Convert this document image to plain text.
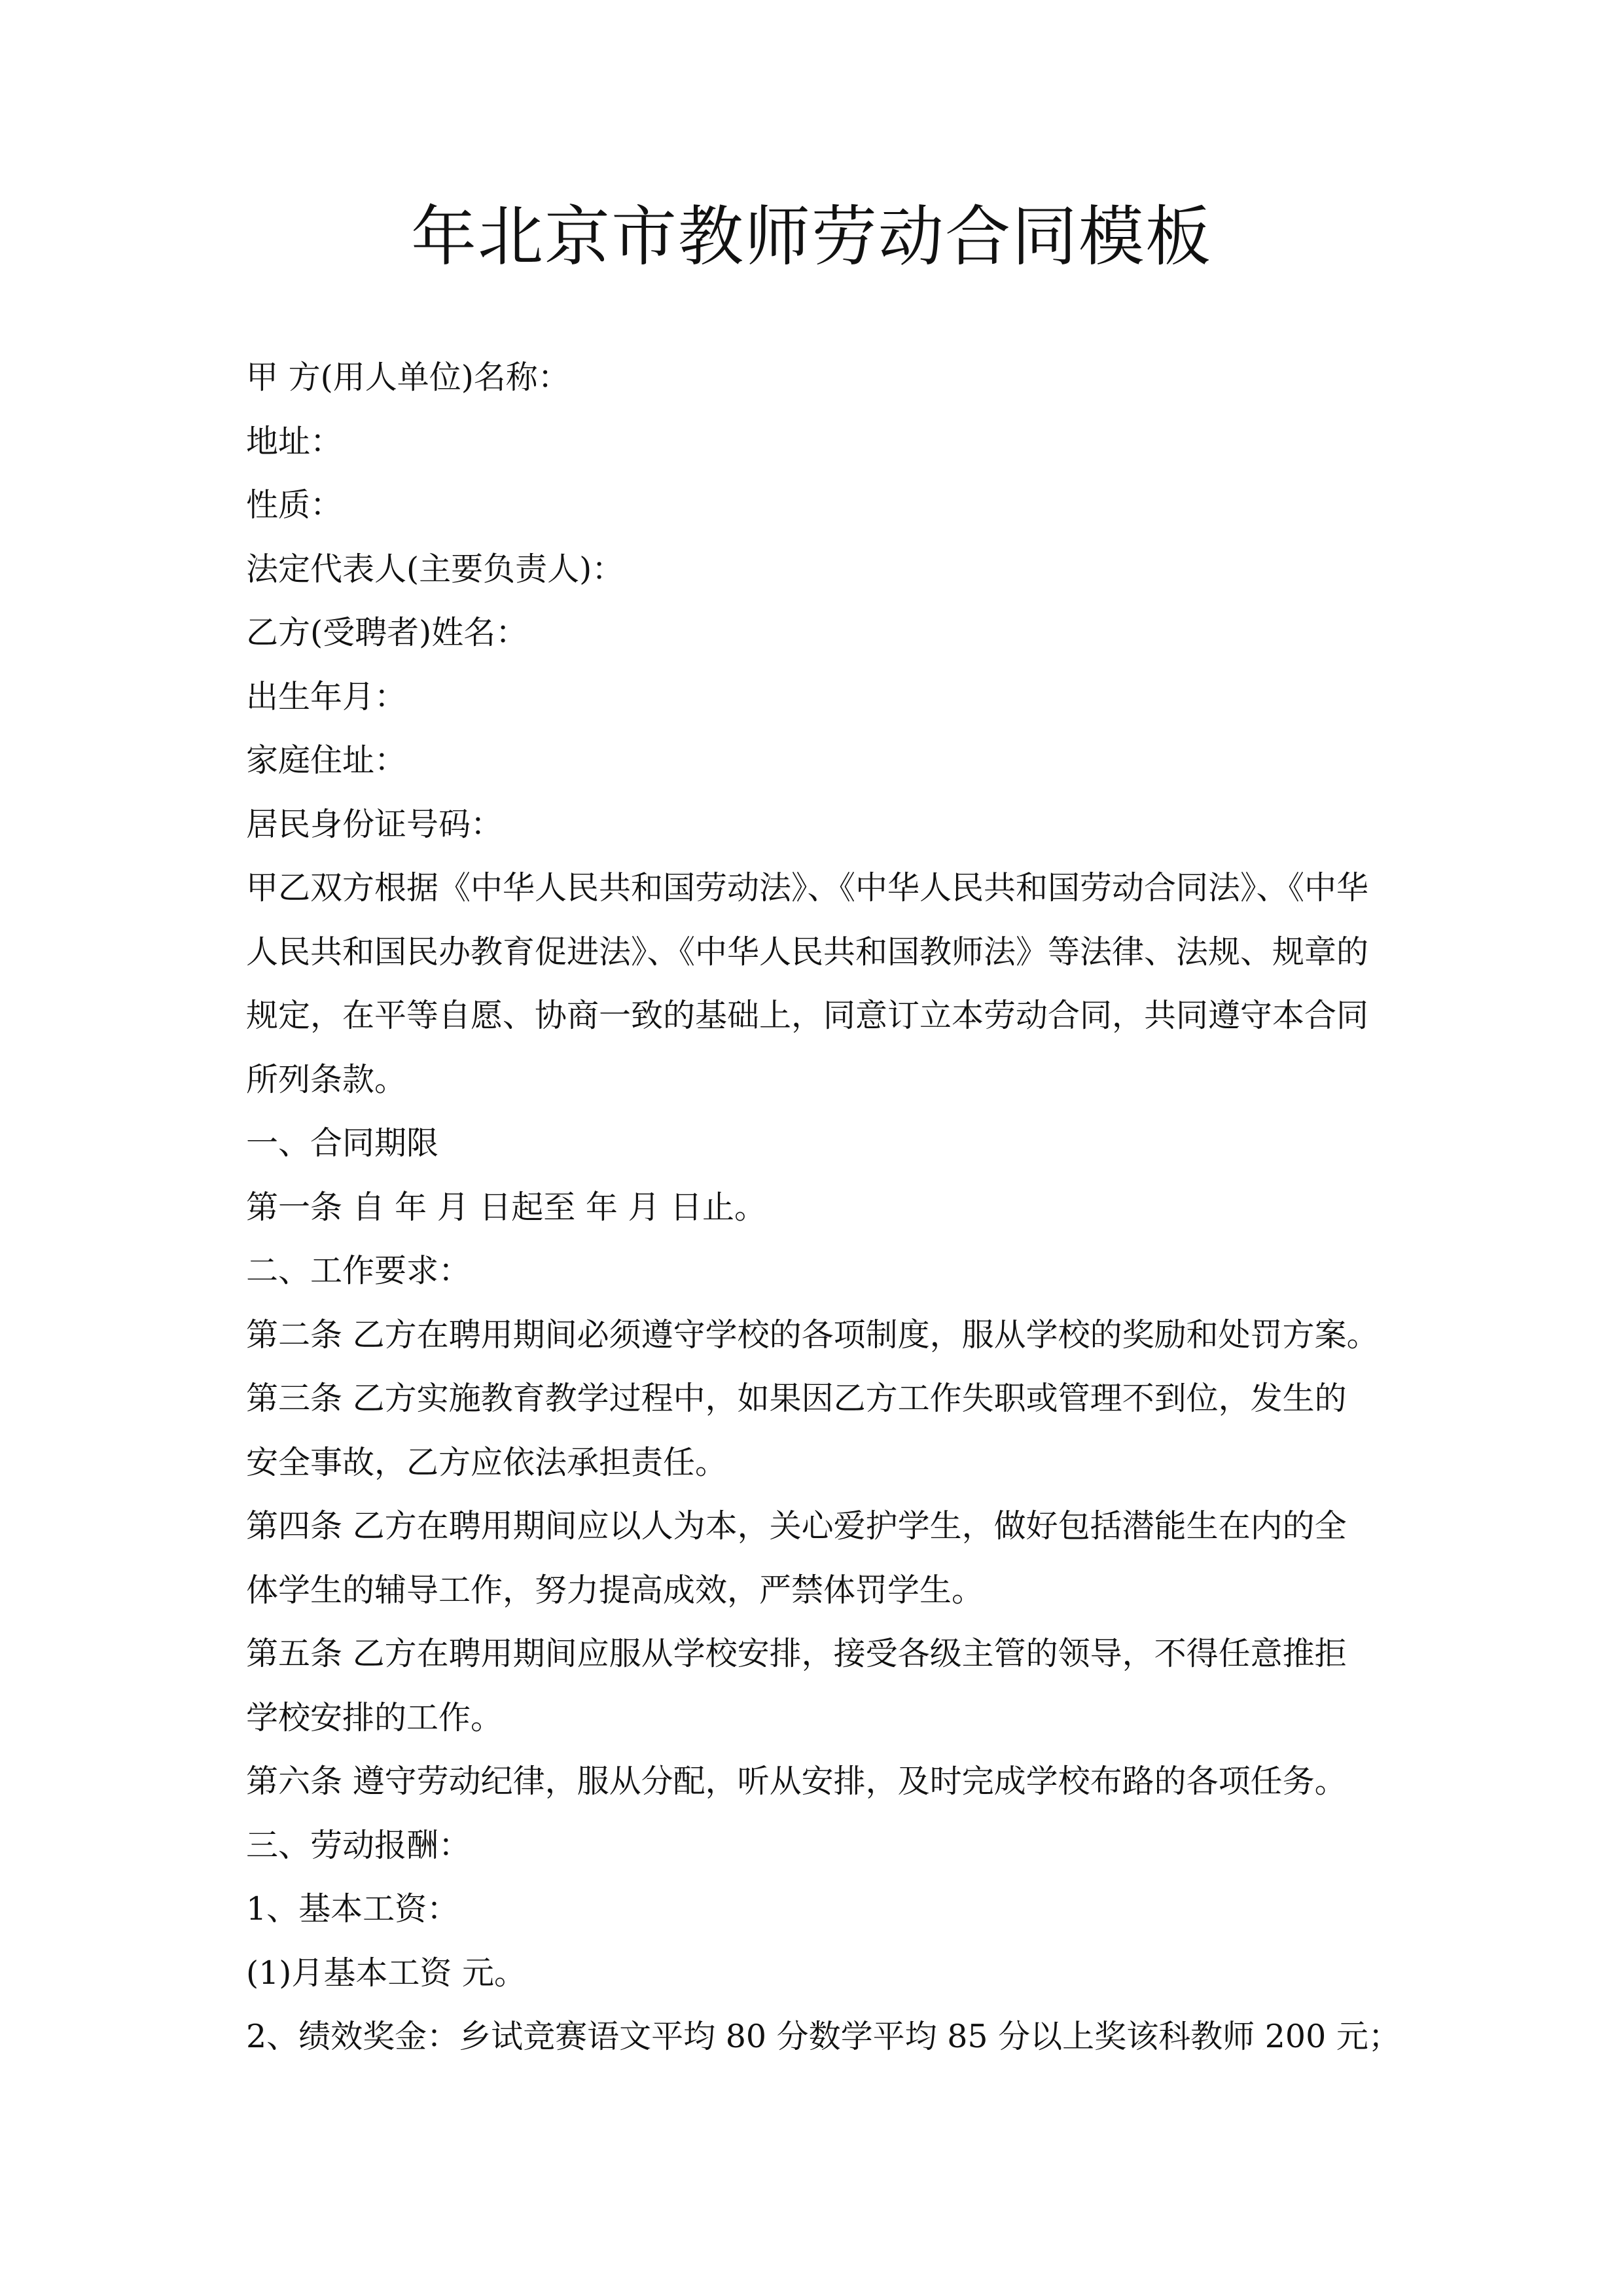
年北京市教师劳动合同模板
甲 方(用人单位)名称：
地址：
性质：
法定代表人(主要负责人)：
乙方(受聘者)姓名：
出生年月：
家庭住址：
居民身份证号码：
甲乙双方根据《中华人民共和国劳动法》、《中华人民共和国劳动合同法》、《中华
人民共和国民办教育促进法》、《中华人民共和国教师法》等法律、法规、规章的
规定，在平等自愿、协商一致的基础上，同意订立本劳动合同，共同遵守本合同
所列条款。
一、合同期限
第一条 自 年 月 日起至 年 月 日止。
二、工作要求：
第二条 乙方在聘用期间必须遵守学校的各项制度，服从学校的奖励和处罚方案。
第三条 乙方实施教育教学过程中，如果因乙方工作失职或管理不到位，发生的
安全事故，乙方应依法承担责任。
第四条 乙方在聘用期间应以人为本，关心爱护学生，做好包括潜能生在内的全
体学生的辅导工作，努力提高成效，严禁体罚学生。
第五条 乙方在聘用期间应服从学校安排，接受各级主管的领导，不得任意推拒
学校安排的工作。
第六条 遵守劳动纪律，服从分配，听从安排，及时完成学校布路的各项任务。
三、劳动报酬：
1、基本工资：
(1)月基本工资 元。
2、绩效奖金：乡试竞赛语文平均 80 分数学平均 85 分以上奖该科教师 200 元；
